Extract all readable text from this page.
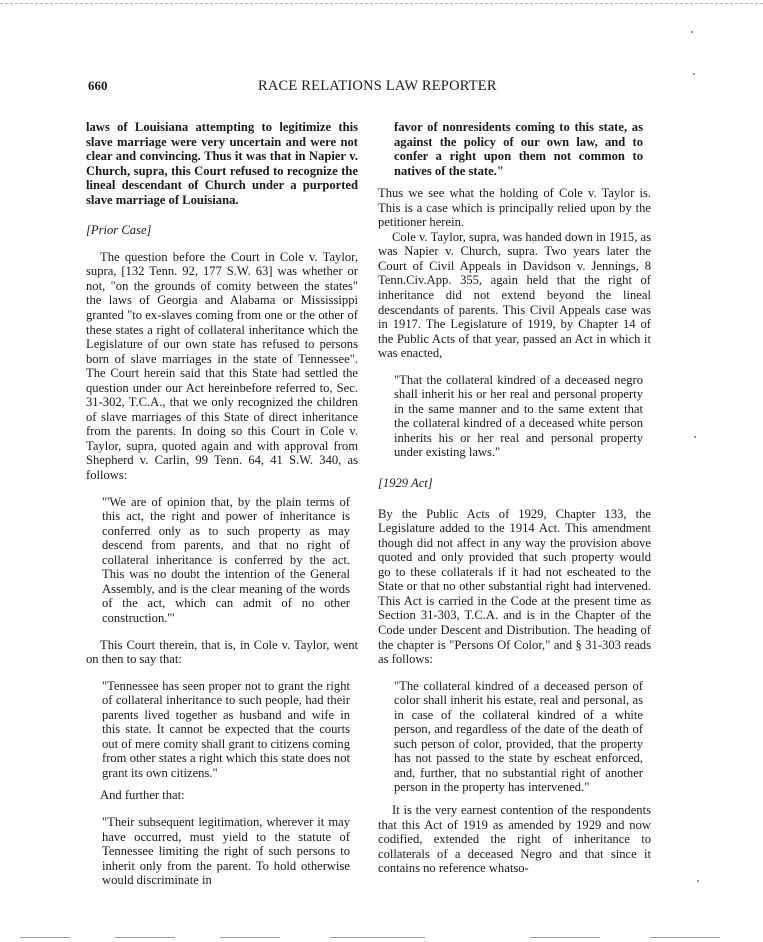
660	RACE RELATIONS LAW REPORTER

laws of Louisiana attempting to legitimize this slave marriage were very uncertain and were not clear and convincing. Thus it was that in Napier v. Church, supra, this Court refused to recognize the lineal descendant of Church under a purported slave marriage of Louisiana.

[Prior Case]

The question before the Court in Cole v. Taylor, supra, [132 Tenn. 92, 177 S.W. 63] was whether or not, "on the grounds of comity between the states" the laws of Georgia and Alabama or Mississippi granted "to ex-slaves coming from one or the other of these states a right of collateral inheritance which the Legislature of our own state has refused to persons born of slave marriages in the state of Tennessee". The Court herein said that this State had settled the question under our Act hereinbefore referred to, Sec. 31-302, T.C.A., that we only recognized the children of slave marriages of this State of direct inheritance from the parents. In doing so this Court in Cole v. Taylor, supra, quoted again and with approval from Shepherd v. Carlin, 99 Tenn. 64, 41 S.W. 340, as follows:

"'We are of opinion that, by the plain terms of this act, the right and power of inheritance is conferred only as to such property as may descend from parents, and that no right of collateral inheritance is conferred by the act. This was no doubt the intention of the General Assembly, and is the clear meaning of the words of the act, which can admit of no other construction.'"

This Court therein, that is, in Cole v. Taylor, went on then to say that:

"Tennessee has seen proper not to grant the right of collateral inheritance to such people, had their parents lived together as husband and wife in this state. It cannot be expected that the courts out of mere comity shall grant to citizens coming from other states a right which this state does not grant its own citizens."

And further that:

"Their subsequent legitimation, wherever it may have occurred, must yield to the statute of Tennessee limiting the right of such persons to inherit only from the parent. To hold otherwise would discriminate in

favor of nonresidents coming to this state, as against the policy of our own law, and to confer a right upon them not common to natives of the state."

Thus we see what the holding of Cole v. Taylor is. This is a case which is principally relied upon by the petitioner herein.

Cole v. Taylor, supra, was handed down in 1915, as was Napier v. Church, supra. Two years later the Court of Civil Appeals in Davidson v. Jennings, 8 Tenn.Civ.App. 355, again held that the right of inheritance did not extend beyond the lineal descendants of parents. This Civil Appeals case was in 1917. The Legislature of 1919, by Chapter 14 of the Public Acts of that year, passed an Act in which it was enacted,

"That the collateral kindred of a deceased negro shall inherit his or her real and personal property in the same manner and to the same extent that the collateral kindred of a deceased white person inherits his or her real and personal property under existing laws."

[1929 Act]

By the Public Acts of 1929, Chapter 133, the Legislature added to the 1914 Act. This amendment though did not affect in any way the provision above quoted and only provided that such property would go to these collaterals if it had not escheated to the State or that no other substantial right had intervened. This Act is carried in the Code at the present time as Section 31-303, T.C.A. and is in the Chapter of the Code under Descent and Distribution. The heading of the chapter is "Persons Of Color," and § 31-303 reads as follows:

"The collateral kindred of a deceased person of color shall inherit his estate, real and personal, as in case of the collateral kindred of a white person, and regardless of the date of the death of such person of color, provided, that the property has not passed to the state by escheat enforced, and, further, that no substantial right of another person in the property has intervened."

It is the very earnest contention of the respondents that this Act of 1919 as amended by 1929 and now codified, extended the right of inheritance to collaterals of a deceased Negro and that since it contains no reference whatso-
